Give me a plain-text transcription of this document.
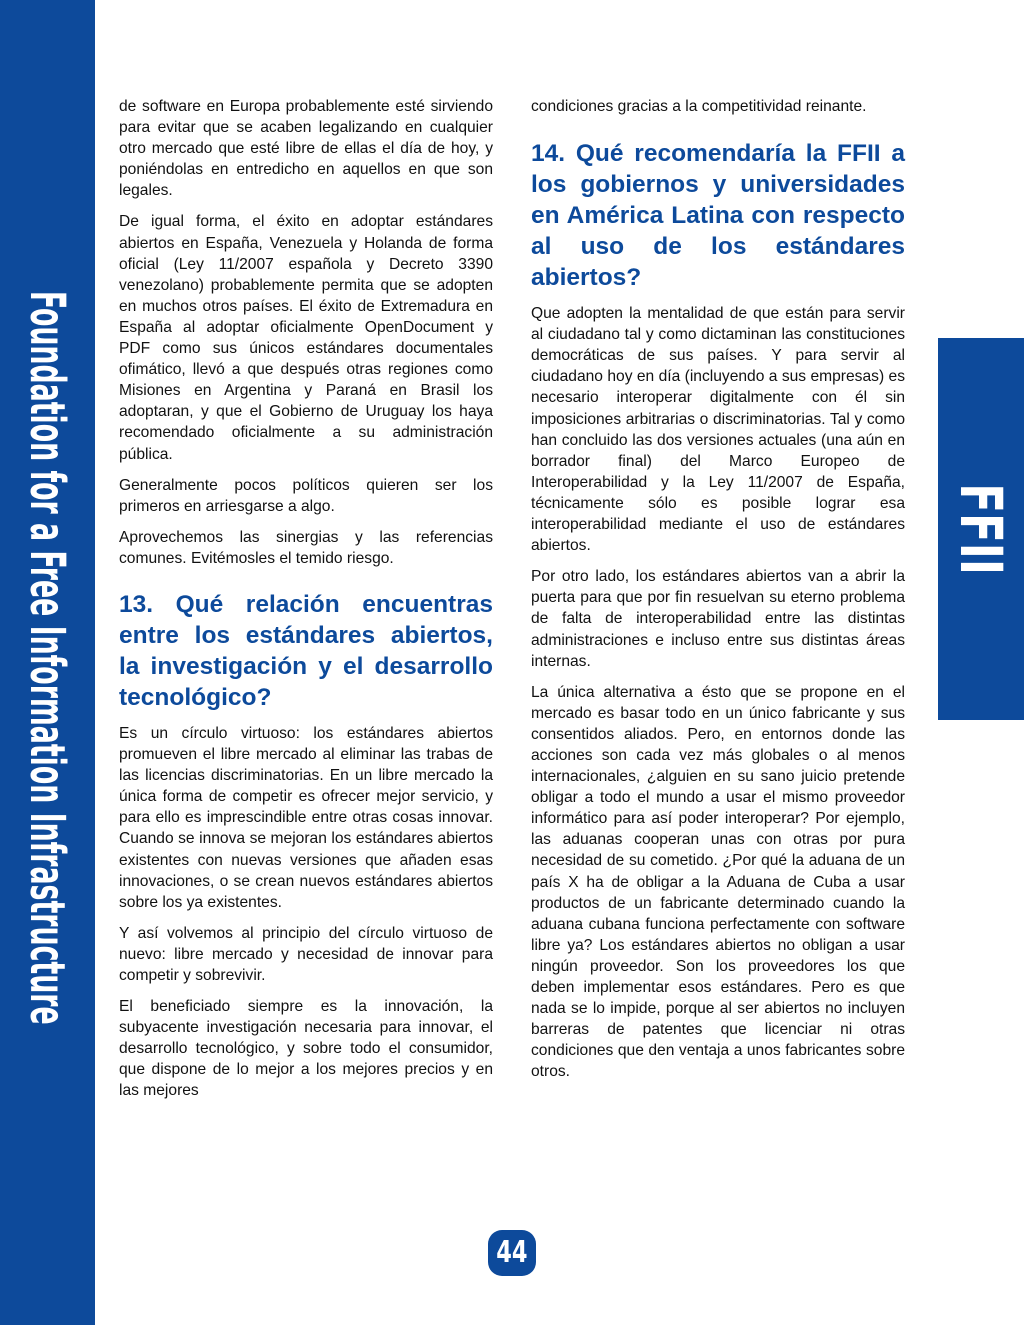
Foundation for a Free Information Infrastructure	FFII

de software en Europa probablemente esté sirviendo para evitar que se acaben legalizando en cualquier otro mercado que esté libre de ellas el día de hoy, y poniéndolas en entredicho en aquellos en que son legales.

De igual forma, el éxito en adoptar estándares abiertos en España, Venezuela y Holanda de forma oficial (Ley 11/2007 española y Decreto 3390 venezolano) probablemente permita que se adopten en muchos otros países. El éxito de Extremadura en España al adoptar oficialmente OpenDocument y PDF como sus únicos estándares documentales ofimático, llevó a que después otras regiones como Misiones en Argentina y Paraná en Brasil los adoptaran, y que el Gobierno de Uruguay los haya recomendado oficialmente a su administración pública.

Generalmente pocos políticos quieren ser los primeros en arriesgarse a algo.

Aprovechemos las sinergias y las referencias comunes. Evitémosles el temido riesgo.

13. Qué relación encuentras entre los estándares abiertos, la investigación y el desarrollo tecnológico?

Es un círculo virtuoso: los estándares abiertos promueven el libre mercado al eliminar las trabas de las licencias discriminatorias. En un libre mercado la única forma de competir es ofrecer mejor servicio, y para ello es imprescindible entre otras cosas innovar. Cuando se innova se mejoran los estándares abiertos existentes con nuevas versiones que añaden esas innovaciones, o se crean nuevos estándares abiertos sobre los ya existentes.

Y así volvemos al principio del círculo virtuoso de nuevo: libre mercado y necesidad de innovar para competir y sobrevivir.

El beneficiado siempre es la innovación, la subyacente investigación necesaria para innovar, el desarrollo tecnológico, y sobre todo el consumidor, que dispone de lo mejor a los mejores precios y en las mejores

condiciones gracias a la competitividad reinante.

14. Qué recomendaría la FFII a los gobiernos y universidades en América Latina con respecto al uso de los estándares abiertos?

Que adopten la mentalidad de que están para servir al ciudadano tal y como dictaminan las constituciones democráticas de sus países. Y para servir al ciudadano hoy en día (incluyendo a sus empresas) es necesario interoperar digitalmente con él sin imposiciones arbitrarias o discriminatorias. Tal y como han concluido las dos versiones actuales (una aún en borrador final) del Marco Europeo de Interoperabilidad y la Ley 11/2007 de España, técnicamente sólo es posible lograr esa interoperabilidad mediante el uso de estándares abiertos.

Por otro lado, los estándares abiertos van a abrir la puerta para que por fin resuelvan su eterno problema de falta de interoperabilidad entre las distintas administraciones e incluso entre sus distintas áreas internas.

La única alternativa a ésto que se propone en el mercado es basar todo en un único fabricante y sus consentidos aliados. Pero, en entornos donde las acciones son cada vez más globales o al menos internacionales, ¿alguien en su sano juicio pretende obligar a todo el mundo a usar el mismo proveedor informático para así poder interoperar? Por ejemplo, las aduanas cooperan unas con otras por pura necesidad de su cometido. ¿Por qué la aduana de un país X ha de obligar a la Aduana de Cuba a usar productos de un fabricante determinado cuando la aduana cubana funciona perfectamente con software libre ya? Los estándares abiertos no obligan a usar ningún proveedor. Son los proveedores los que deben implementar esos estándares. Pero es que nada se lo impide, porque al ser abiertos no incluyen barreras de patentes que licenciar ni otras condiciones que den ventaja a unos fabricantes sobre otros.

44
